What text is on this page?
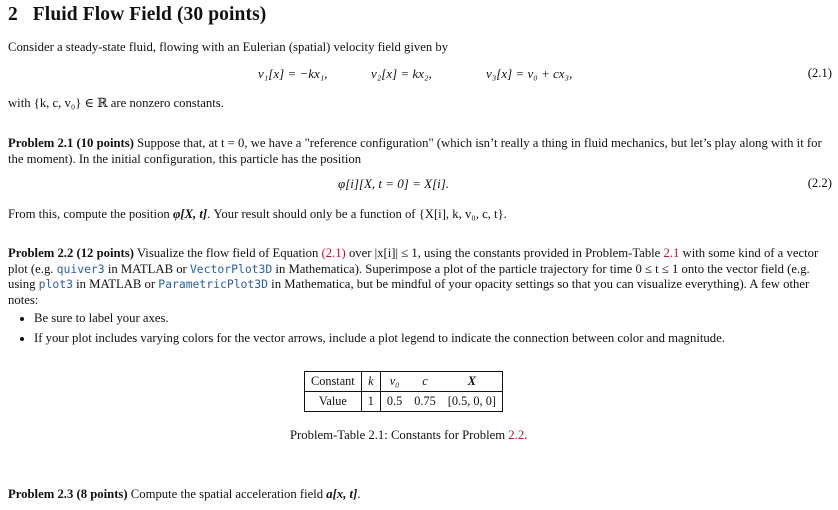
2 Fluid Flow Field (30 points)
Consider a steady-state fluid, flowing with an Eulerian (spatial) velocity field given by
v₁[x] = −kx₁,	v₂[x] = kx₂,	v₃[x] = v₀ + cx₃,	(2.1)
with {k, c, v₀} ∈ ℝ are nonzero constants.
Problem 2.1 (10 points) Suppose that, at t = 0, we have a "reference configuration" (which isn’t really a thing in fluid mechanics, but let’s play along with it for the moment). In the initial configuration, this particle has the position
φ[i][X, t = 0] = X[i].	(2.2)
From this, compute the position φ[X, t]. Your result should only be a function of {X[i], k, v₀, c, t}.
Problem 2.2 (12 points) Visualize the flow field of Equation (2.1) over |x[i]| ≤ 1, using the constants provided in Problem-Table 2.1 with some kind of a vector plot (e.g. quiver3 in MATLAB or VectorPlot3D in Mathematica). Superimpose a plot of the particle trajectory for time 0 ≤ t ≤ 1 onto the vector field (e.g. using plot3 in MATLAB or ParametricPlot3D in Mathematica, but be mindful of your opacity settings so that you can visualize everything). A few other notes:
• Be sure to label your axes.
• If your plot includes varying colors for the vector arrows, include a plot legend to indicate the connection between color and magnitude.
Constant	k	v₀	c	X
Value	1	0.5	0.75	[0.5, 0, 0]
Problem-Table 2.1: Constants for Problem 2.2.
Problem 2.3 (8 points) Compute the spatial acceleration field a[x, t].
